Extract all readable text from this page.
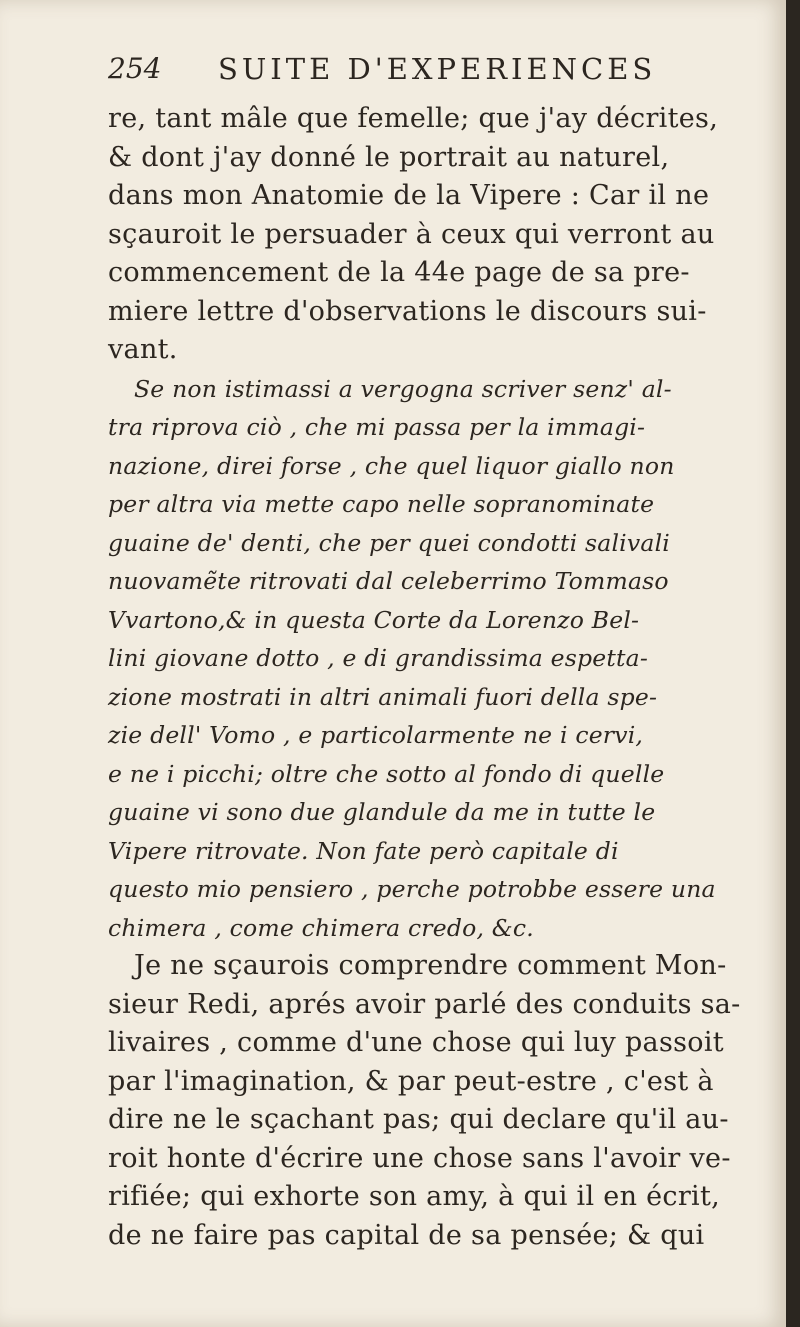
254 SUITE D'EXPERIENCES
re, tant mâle que femelle; que j'ay décrites,
& dont j'ay donné le portrait au naturel,
dans mon Anatomie de la Vipere : Car il ne
sçauroit le persuader à ceux qui verront au
commencement de la 44e page de sa pre-
miere lettre d'observations le discours sui-
vant.
Se non istimassi a vergogna scriver senz' al-
tra riprova ciò , che mi passa per la immagi-
nazione, direi forse , che quel liquor giallo non
per altra via mette capo nelle sopranominate
guaine de' denti, che per quei condotti salivali
nuovamẽte ritrovati dal celeberrimo Tommaso
Vvartono,& in questa Corte da Lorenzo Bel-
lini giovane dotto , e di grandissima espetta-
zione mostrati in altri animali fuori della spe-
zie dell' Vomo , e particolarmente ne i cervi,
e ne i picchi; oltre che sotto al fondo di quelle
guaine vi sono due glandule da me in tutte le
Vipere ritrovate. Non fate però capitale di
questo mio pensiero , perche potrobbe essere una
chimera , come chimera credo, &c.
Je ne sçaurois comprendre comment Mon-
sieur Redi, aprés avoir parlé des conduits sa-
livaires , comme d'une chose qui luy passoit
par l'imagination, & par peut-estre , c'est à
dire ne le sçachant pas; qui declare qu'il au-
roit honte d'écrire une chose sans l'avoir ve-
rifiée; qui exhorte son amy, à qui il en écrit,
de ne faire pas capital de sa pensée; & qui
